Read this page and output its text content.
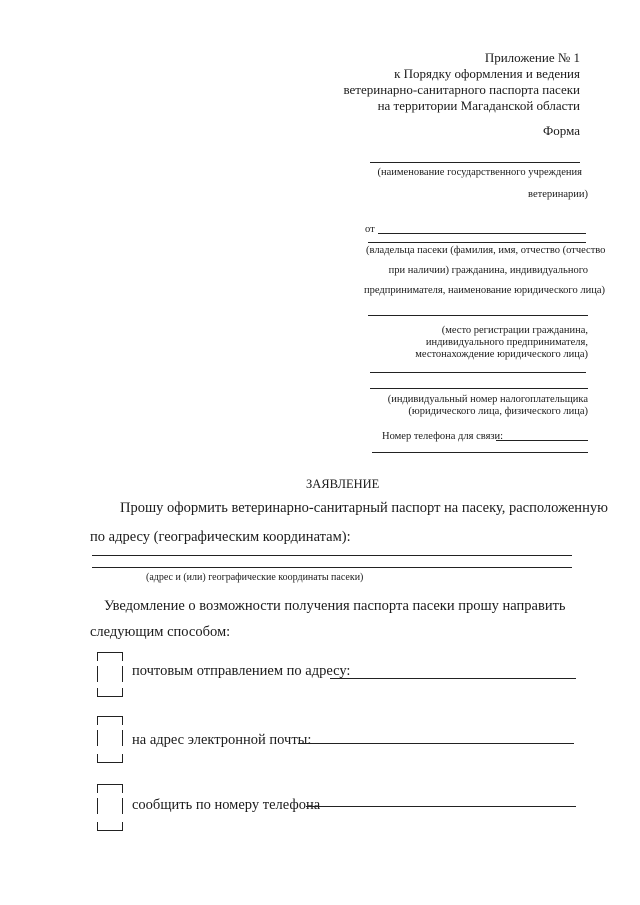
Приложение № 1
к Порядку оформления и ведения
ветеринарно-санитарного паспорта пасеки
на территории Магаданской области
Форма
(наименование государственного учреждения
ветеринарии)
от
(владельца пасеки (фамилия, имя, отчество (отчество
при наличии) гражданина, индивидуального
предпринимателя, наименование юридического лица)
(место регистрации гражданина,
индивидуального предпринимателя,
местонахождение юридического лица)
(индивидуальный номер налогоплательщика
(юридического лица, физического лица)
Номер телефона для связи:
ЗАЯВЛЕНИЕ
Прошу оформить ветеринарно-санитарный паспорт на пасеку, расположенную
по адресу (географическим координатам):
(адрес и (или) географические координаты пасеки)
Уведомление о возможности получения паспорта пасеки прошу направить
следующим способом:
почтовым отправлением по адресу:
на адрес электронной почты:
сообщить по номеру телефона
